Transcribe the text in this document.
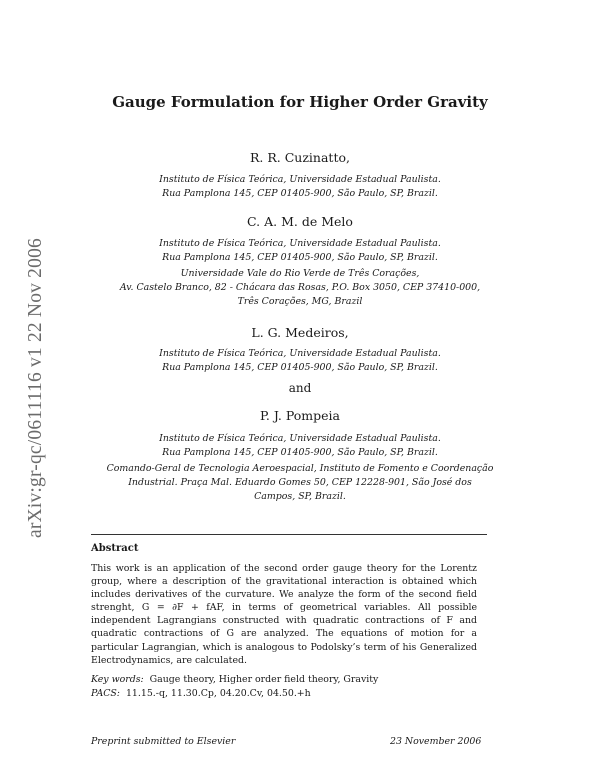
arXiv:gr-qc/0611116 v1 22 Nov 2006
Gauge Formulation for Higher Order Gravity
R. R. Cuzinatto,
Instituto de Física Teórica, Universidade Estadual Paulista.
Rua Pamplona 145, CEP 01405-900, São Paulo, SP, Brazil.
C. A. M. de Melo
Instituto de Física Teórica, Universidade Estadual Paulista.
Rua Pamplona 145, CEP 01405-900, São Paulo, SP, Brazil.
Universidade Vale do Rio Verde de Três Corações,
Av. Castelo Branco, 82 - Chácara das Rosas, P.O. Box 3050, CEP 37410-000,
Três Corações, MG, Brazil
L. G. Medeiros,
Instituto de Física Teórica, Universidade Estadual Paulista.
Rua Pamplona 145, CEP 01405-900, São Paulo, SP, Brazil.
and
P. J. Pompeia
Instituto de Física Teórica, Universidade Estadual Paulista.
Rua Pamplona 145, CEP 01405-900, São Paulo, SP, Brazil.
Comando-Geral de Tecnologia Aeroespacial, Instituto de Fomento e Coordenação
Industrial. Praça Mal. Eduardo Gomes 50, CEP 12228-901, São José dos
Campos, SP, Brazil.
Abstract
This work is an application of the second order gauge theory for the Lorentz group, where a description of the gravitational interaction is obtained which includes derivatives of the curvature. We analyze the form of the second field strenght, G = ∂F + fAF, in terms of geometrical variables. All possible independent Lagrangians constructed with quadratic contractions of F and quadratic contractions of G are analyzed. The equations of motion for a particular Lagrangian, which is analogous to Podolsky’s term of his Generalized Electrodynamics, are calculated.
Key words: Gauge theory, Higher order field theory, Gravity
PACS: 11.15.-q, 11.30.Cp, 04.20.Cv, 04.50.+h
Preprint submitted to Elsevier	23 November 2006
